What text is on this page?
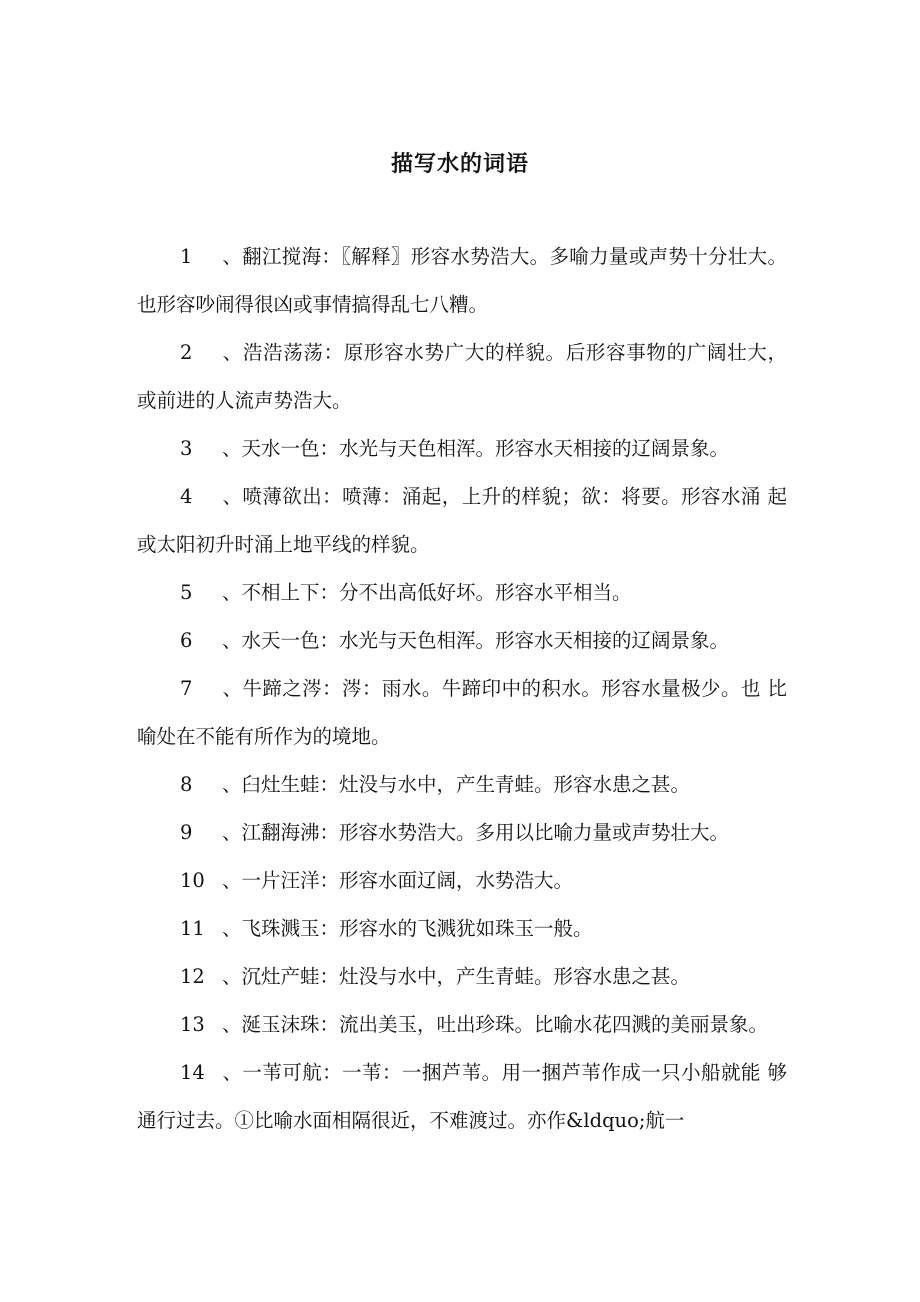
描写水的词语

1 、翻江搅海：〖解释〗形容水势浩大。多喻力量或声势十分壮大。 也形容吵闹得很凶或事情搞得乱七八糟。

2 、浩浩荡荡：原形容水势广大的样貌。后形容事物的广阔壮大， 或前进的人流声势浩大。

3 、天水一色：水光与天色相浑。形容水天相接的辽阔景象。

4 、喷薄欲出：喷薄：涌起，上升的样貌；欲：将要。形容水涌 起或太阳初升时涌上地平线的样貌。

5 、不相上下：分不出高低好坏。形容水平相当。

6 、水天一色：水光与天色相浑。形容水天相接的辽阔景象。

7 、牛蹄之涔：涔：雨水。牛蹄印中的积水。形容水量极少。也 比喻处在不能有所作为的境地。

8 、臼灶生蛙：灶没与水中，产生青蛙。形容水患之甚。

9 、江翻海沸：形容水势浩大。多用以比喻力量或声势壮大。

10 、一片汪洋：形容水面辽阔，水势浩大。

11 、飞珠溅玉：形容水的飞溅犹如珠玉一般。

12 、沉灶产蛙：灶没与水中，产生青蛙。形容水患之甚。

13 、涎玉沫珠：流出美玉，吐出珍珠。比喻水花四溅的美丽景象。

14 、一苇可航：一苇：一捆芦苇。用一捆芦苇作成一只小船就能 够通行过去。①比喻水面相隔很近，不难渡过。亦作&ldquo;航一
